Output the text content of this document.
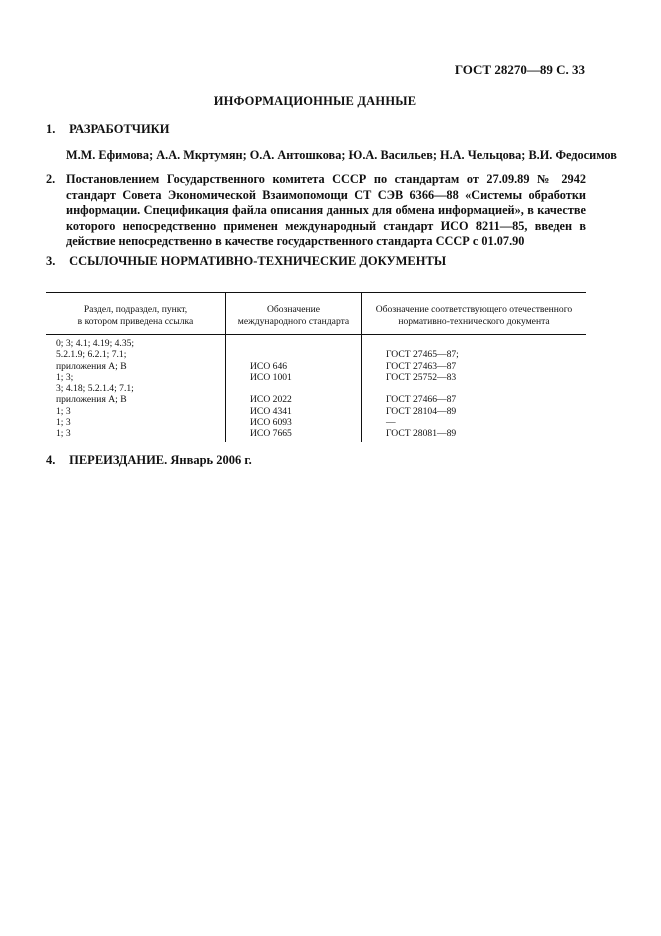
ГОСТ 28270—89 С. 33
ИНФОРМАЦИОННЫЕ ДАННЫЕ
1. РАЗРАБОТЧИКИ
М.М. Ефимова; А.А. Мкртумян; О.А. Антошкова; Ю.А. Васильев; Н.А. Чельцова; В.И. Федосимов
2. Постановлением Государственного комитета СССР по стандартам от 27.09.89 № 2942 стандарт Совета Экономической Взаимопомощи СТ СЭВ 6366—88 «Системы обработки информации. Спецификация файла описания данных для обмена информацией», в качестве которого непосредственно применен международный стандарт ИСО 8211—85, введен в действие непосредственно в качестве государственного стандарта СССР с 01.07.90
3. ССЫЛОЧНЫЕ НОРМАТИВНО-ТЕХНИЧЕСКИЕ ДОКУМЕНТЫ
Раздел, подраздел, пункт,
в котором приведена ссылка
Обозначение
международного стандарта
Обозначение соответствующего отечественного
нормативно-технического документа
0; 3; 4.1; 4.19; 4.35;
5.2.1.9; 6.2.1; 7.1;
приложения А; В
1; 3;
3; 4.18; 5.2.1.4; 7.1;
приложения А; В
1; 3
1; 3
1; 3
ИСО 646
ИСО 1001
ИСО 2022
ИСО 4341
ИСО 6093
ИСО 7665
ГОСТ 27465—87;
ГОСТ 27463—87
ГОСТ 25752—83
ГОСТ 27466—87
ГОСТ 28104—89
—
ГОСТ 28081—89
4. ПЕРЕИЗДАНИЕ. Январь 2006 г.
